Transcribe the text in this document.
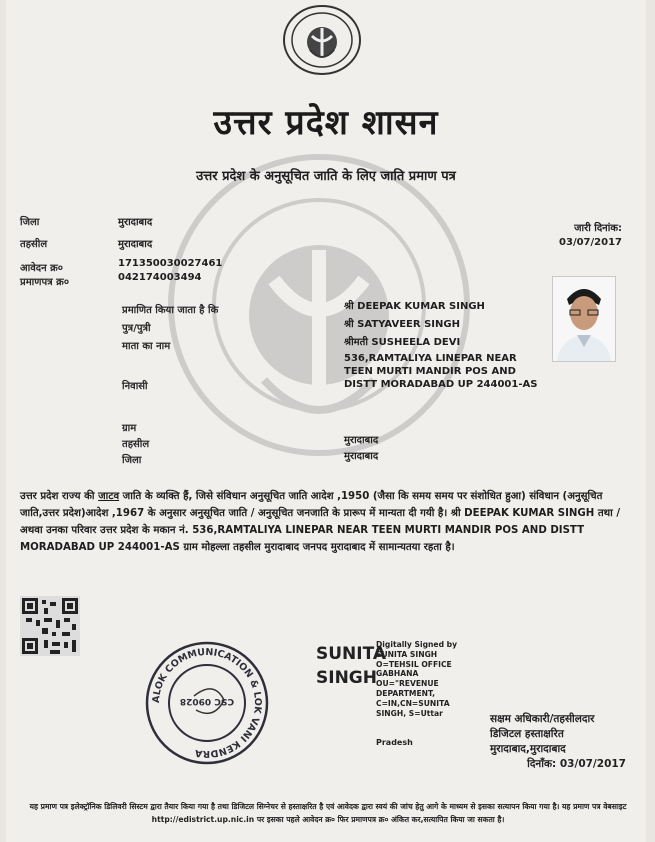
उत्तर प्रदेश शासन
उत्तर प्रदेश के अनुसूचित जाति के लिए जाति प्रमाण पत्र
जिला	मुरादाबाद
तहसील	मुरादाबाद
आवेदन क्र०	171350030027461
प्रमाणपत्र क्र०	042174003494
जारी दिनांक:
03/07/2017
प्रमाणित किया जाता है कि	श्री DEEPAK KUMAR SINGH
पुत्र/पुत्री	श्री SATYAVEER SINGH
माता का नाम	श्रीमती SUSHEELA DEVI
निवासी
536,RAMTALIYA LINEPAR NEAR TEEN MURTI MANDIR POS AND DISTT MORADABAD UP 244001-AS
ग्राम
तहसील	मुरादाबाद
जिला	मुरादाबाद
उत्तर प्रदेश राज्य की जाटव जाति के व्यक्ति हैं, जिसे संविधान अनुसूचित जाति आदेश ,1950 (जैसा कि समय समय पर संशोधित हुआ) संविधान (अनुसूचित जाति,उत्तर प्रदेश)आदेश ,1967 के अनुसार अनुसूचित जाति / अनुसूचित जनजाति के प्रारूप में मान्यता दी गयी है। श्री DEEPAK KUMAR SINGH तथा / अथवा उनका परिवार उत्तर प्रदेश के मकान नं. 536,RAMTALIYA LINEPAR NEAR TEEN MURTI MANDIR POS AND DISTT MORADABAD UP 244001-AS ग्राम मोहल्ला तहसील मुरादाबाद जनपद मुरादाबाद में सामान्यतया रहता है।
ALOK COMMUNICATION & LOK VANI KENDRA
CSC 09028
SUNITA
SINGH
Digitally Signed by SUNITA SINGH O=TEHSIL OFFICE GABHANA OU="REVENUE DEPARTMENT, C=IN,CN=SUNITA SINGH, S=Uttar
Pradesh
सक्षम अधिकारी/तहसीलदार
डिजिटल हस्ताक्षरित
मुरादाबाद,मुरादाबाद
दिनाँक: 03/07/2017
यह प्रमाण पत्र इलेक्ट्रॉनिक डिलिवरी सिस्टम द्वारा तैयार किया गया है तथा डिजिटल सिग्नेचर से हस्ताक्षरित है एवं आवेदक द्वारा स्वयं की जांच हेतु आगे के माध्यम से इसका सत्यापन किया गया है। यह प्रमाण पत्र वेबसाइट http://edistrict.up.nic.in पर इसका पहले आवेदन क्र० फिर प्रमाणपत्र क्र० अंकित कर,सत्यापित किया जा सकता है।
